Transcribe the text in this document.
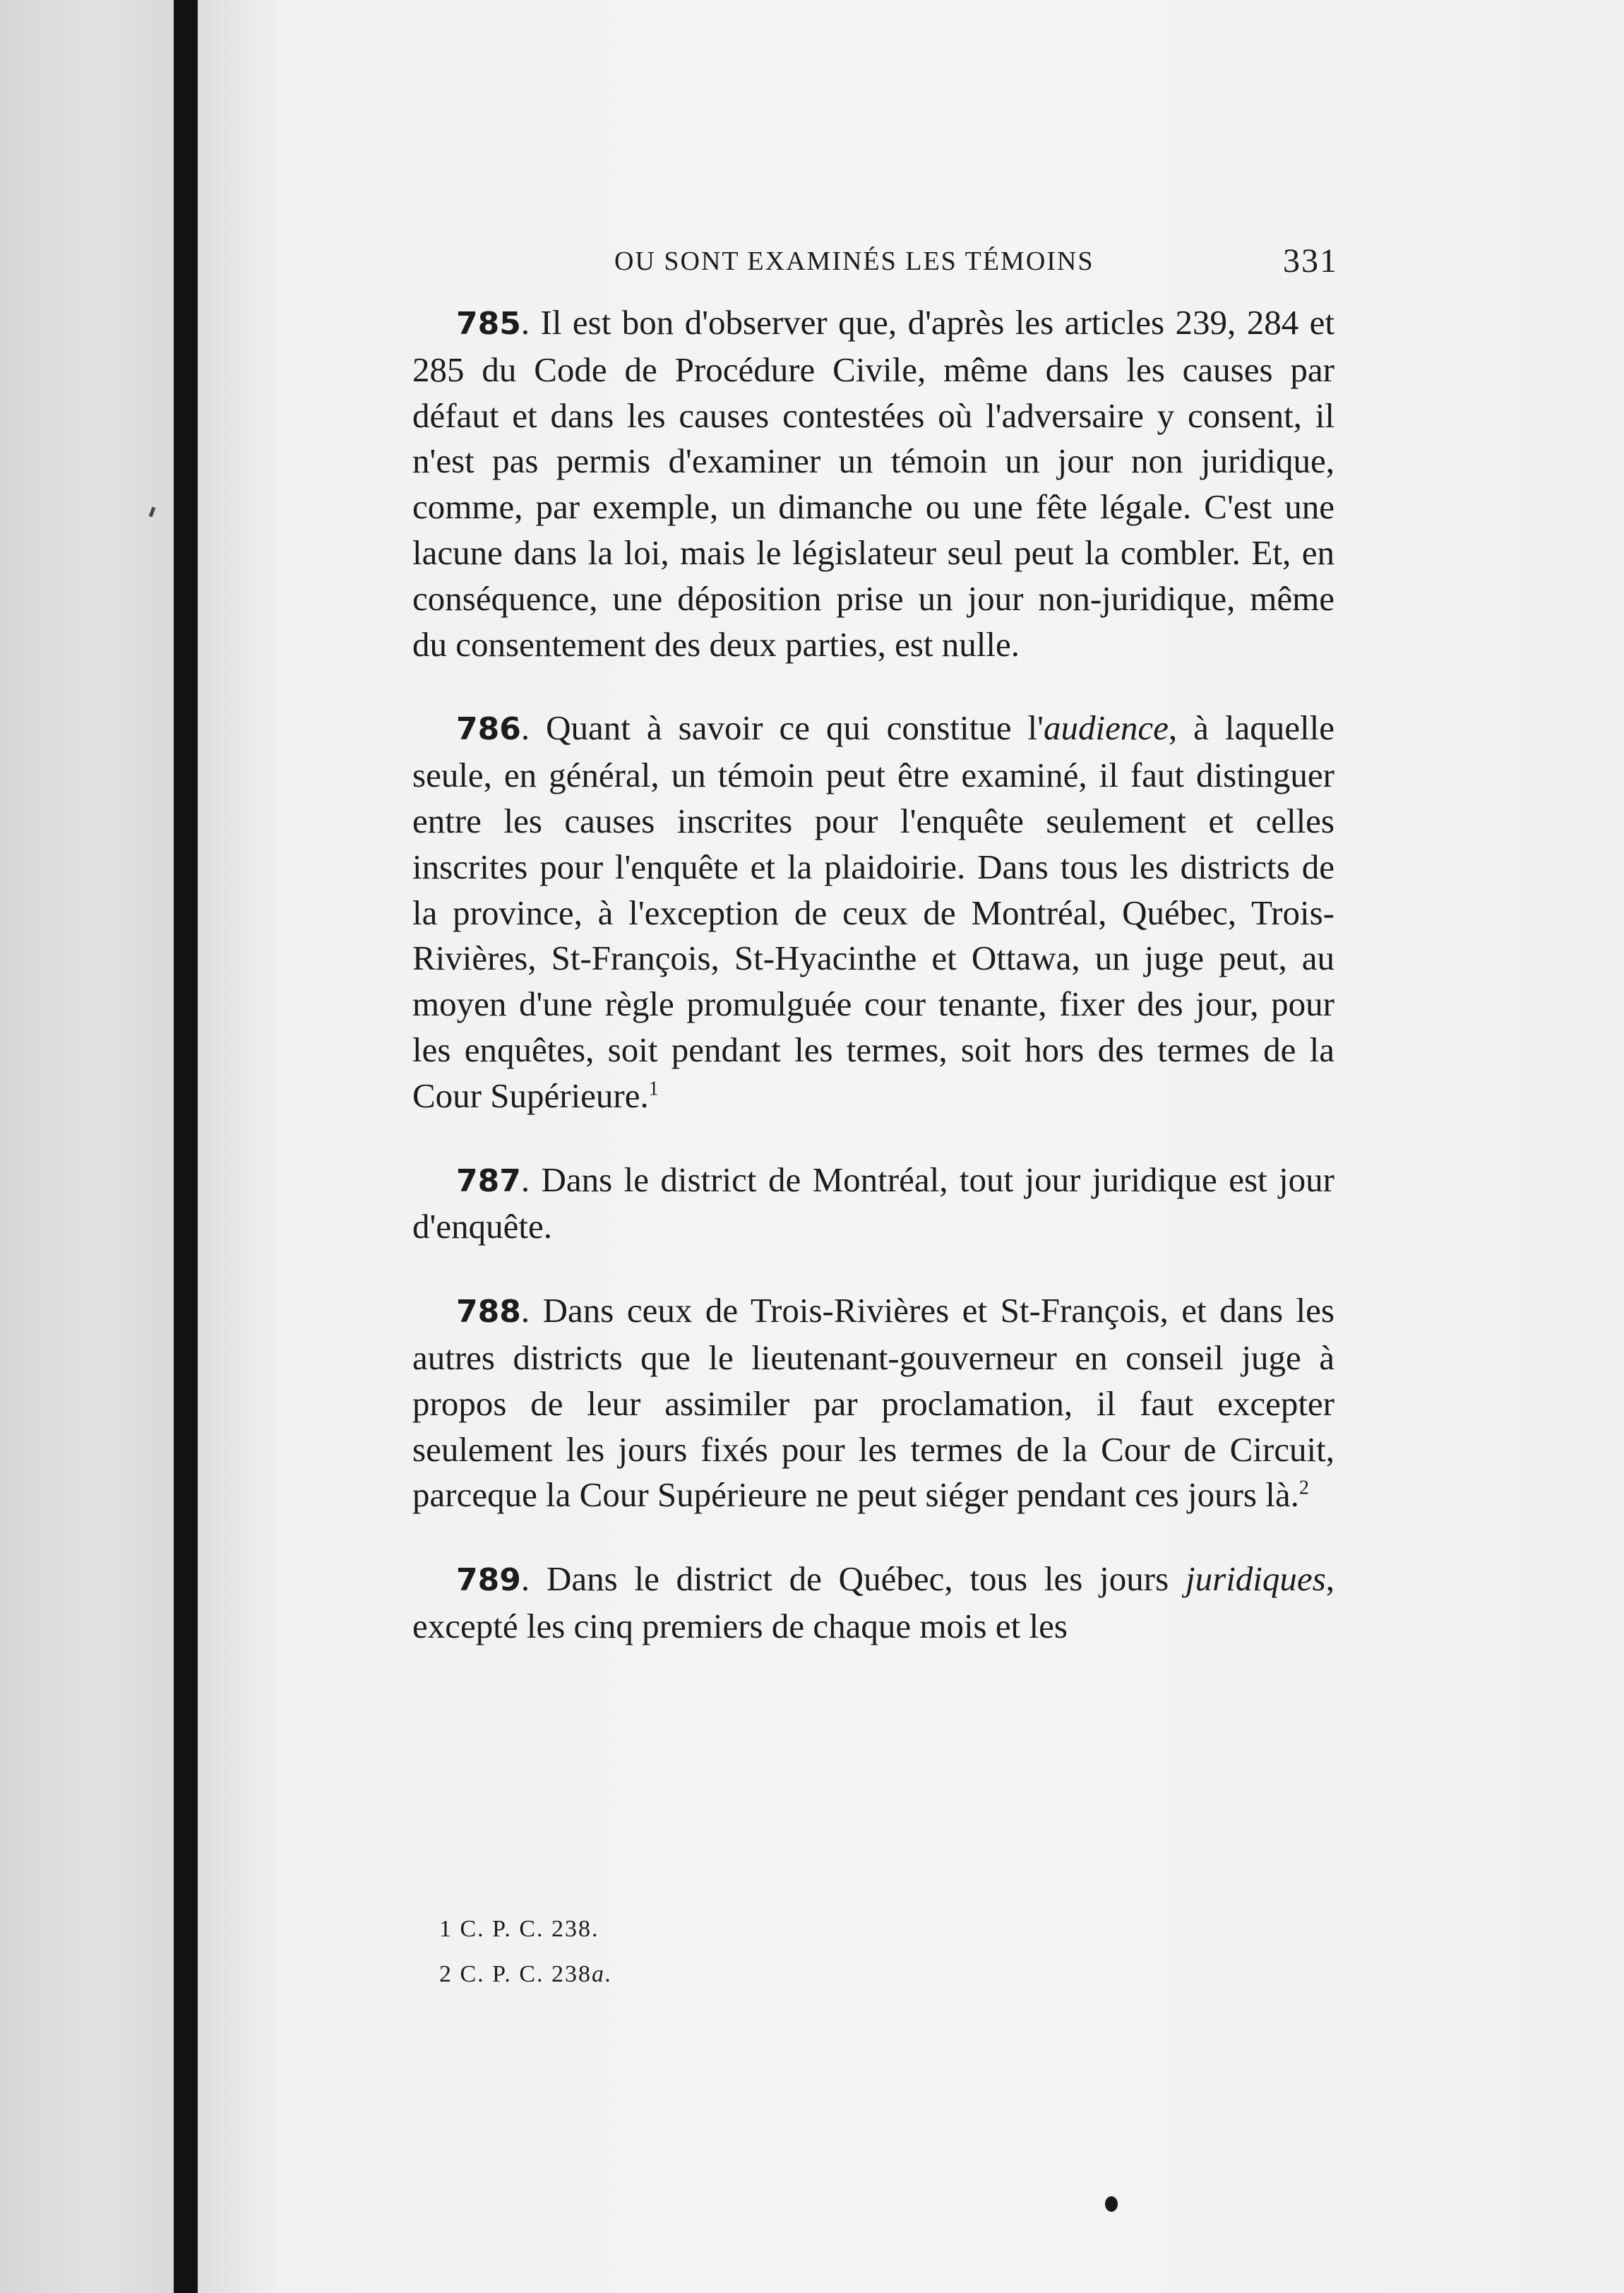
OU SONT EXAMINÉS LES TÉMOINS	331

785. Il est bon d'observer que, d'après les articles 239, 284 et 285 du Code de Procédure Civile, même dans les causes par défaut et dans les causes contestées où l'adversaire y consent, il n'est pas permis d'examiner un témoin un jour non juridique, comme, par exemple, un dimanche ou une fête légale. C'est une lacune dans la loi, mais le législateur seul peut la combler. Et, en conséquence, une déposition prise un jour non-juridique, même du consentement des deux parties, est nulle.

786. Quant à savoir ce qui constitue l'audience, à laquelle seule, en général, un témoin peut être examiné, il faut distinguer entre les causes inscrites pour l'enquête seulement et celles inscrites pour l'enquête et la plaidoirie. Dans tous les districts de la province, à l'exception de ceux de Montréal, Québec, Trois-Rivières, St-François, St-Hyacinthe et Ottawa, un juge peut, au moyen d'une règle promulguée cour tenante, fixer des jour, pour les enquêtes, soit pendant les termes, soit hors des termes de la Cour Supérieure.$^1$

787. Dans le district de Montréal, tout jour juridique est jour d'enquête.

788. Dans ceux de Trois-Rivières et St-François, et dans les autres districts que le lieutenant-gouverneur en conseil juge à propos de leur assimiler par proclamation, il faut excepter seulement les jours fixés pour les termes de la Cour de Circuit, parceque la Cour Supérieure ne peut siéger pendant ces jours là.$^2$

789. Dans le district de Québec, tous les jours juridiques, excepté les cinq premiers de chaque mois et les

1 C. P. C. 238.

2 C. P. C. 238a.
